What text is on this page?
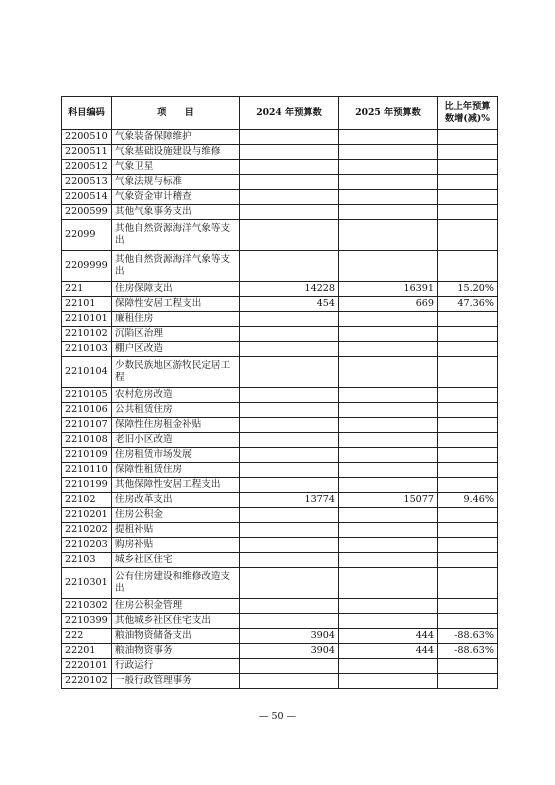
科目编码	项　　目	2024 年预算数	2025 年预算数	比上年预算数增(减)%
2200510	气象装备保障维护			
2200511	气象基础设施建设与维修			
2200512	气象卫星			
2200513	气象法规与标准			
2200514	气象资金审计稽查			
2200599	其他气象事务支出			
22099	其他自然资源海洋气象等支出			
2209999	其他自然资源海洋气象等支出			
221	住房保障支出	14228	16391	15.20%
22101	保障性安居工程支出	454	669	47.36%
2210101	廉租住房			
2210102	沉陷区治理			
2210103	棚户区改造			
2210104	少数民族地区游牧民定居工程			
2210105	农村危房改造			
2210106	公共租赁住房			
2210107	保障性住房租金补贴			
2210108	老旧小区改造			
2210109	住房租赁市场发展			
2210110	保障性租赁住房			
2210199	其他保障性安居工程支出			
22102	住房改革支出	13774	15077	9.46%
2210201	住房公积金			
2210202	提租补贴			
2210203	购房补贴			
22103	城乡社区住宅			
2210301	公有住房建设和维修改造支出			
2210302	住房公积金管理			
2210399	其他城乡社区住宅支出			
222	粮油物资储备支出	3904	444	-88.63%
22201	粮油物资事务	3904	444	-88.63%
2220101	行政运行			
2220102	一般行政管理事务			
— 50 —
